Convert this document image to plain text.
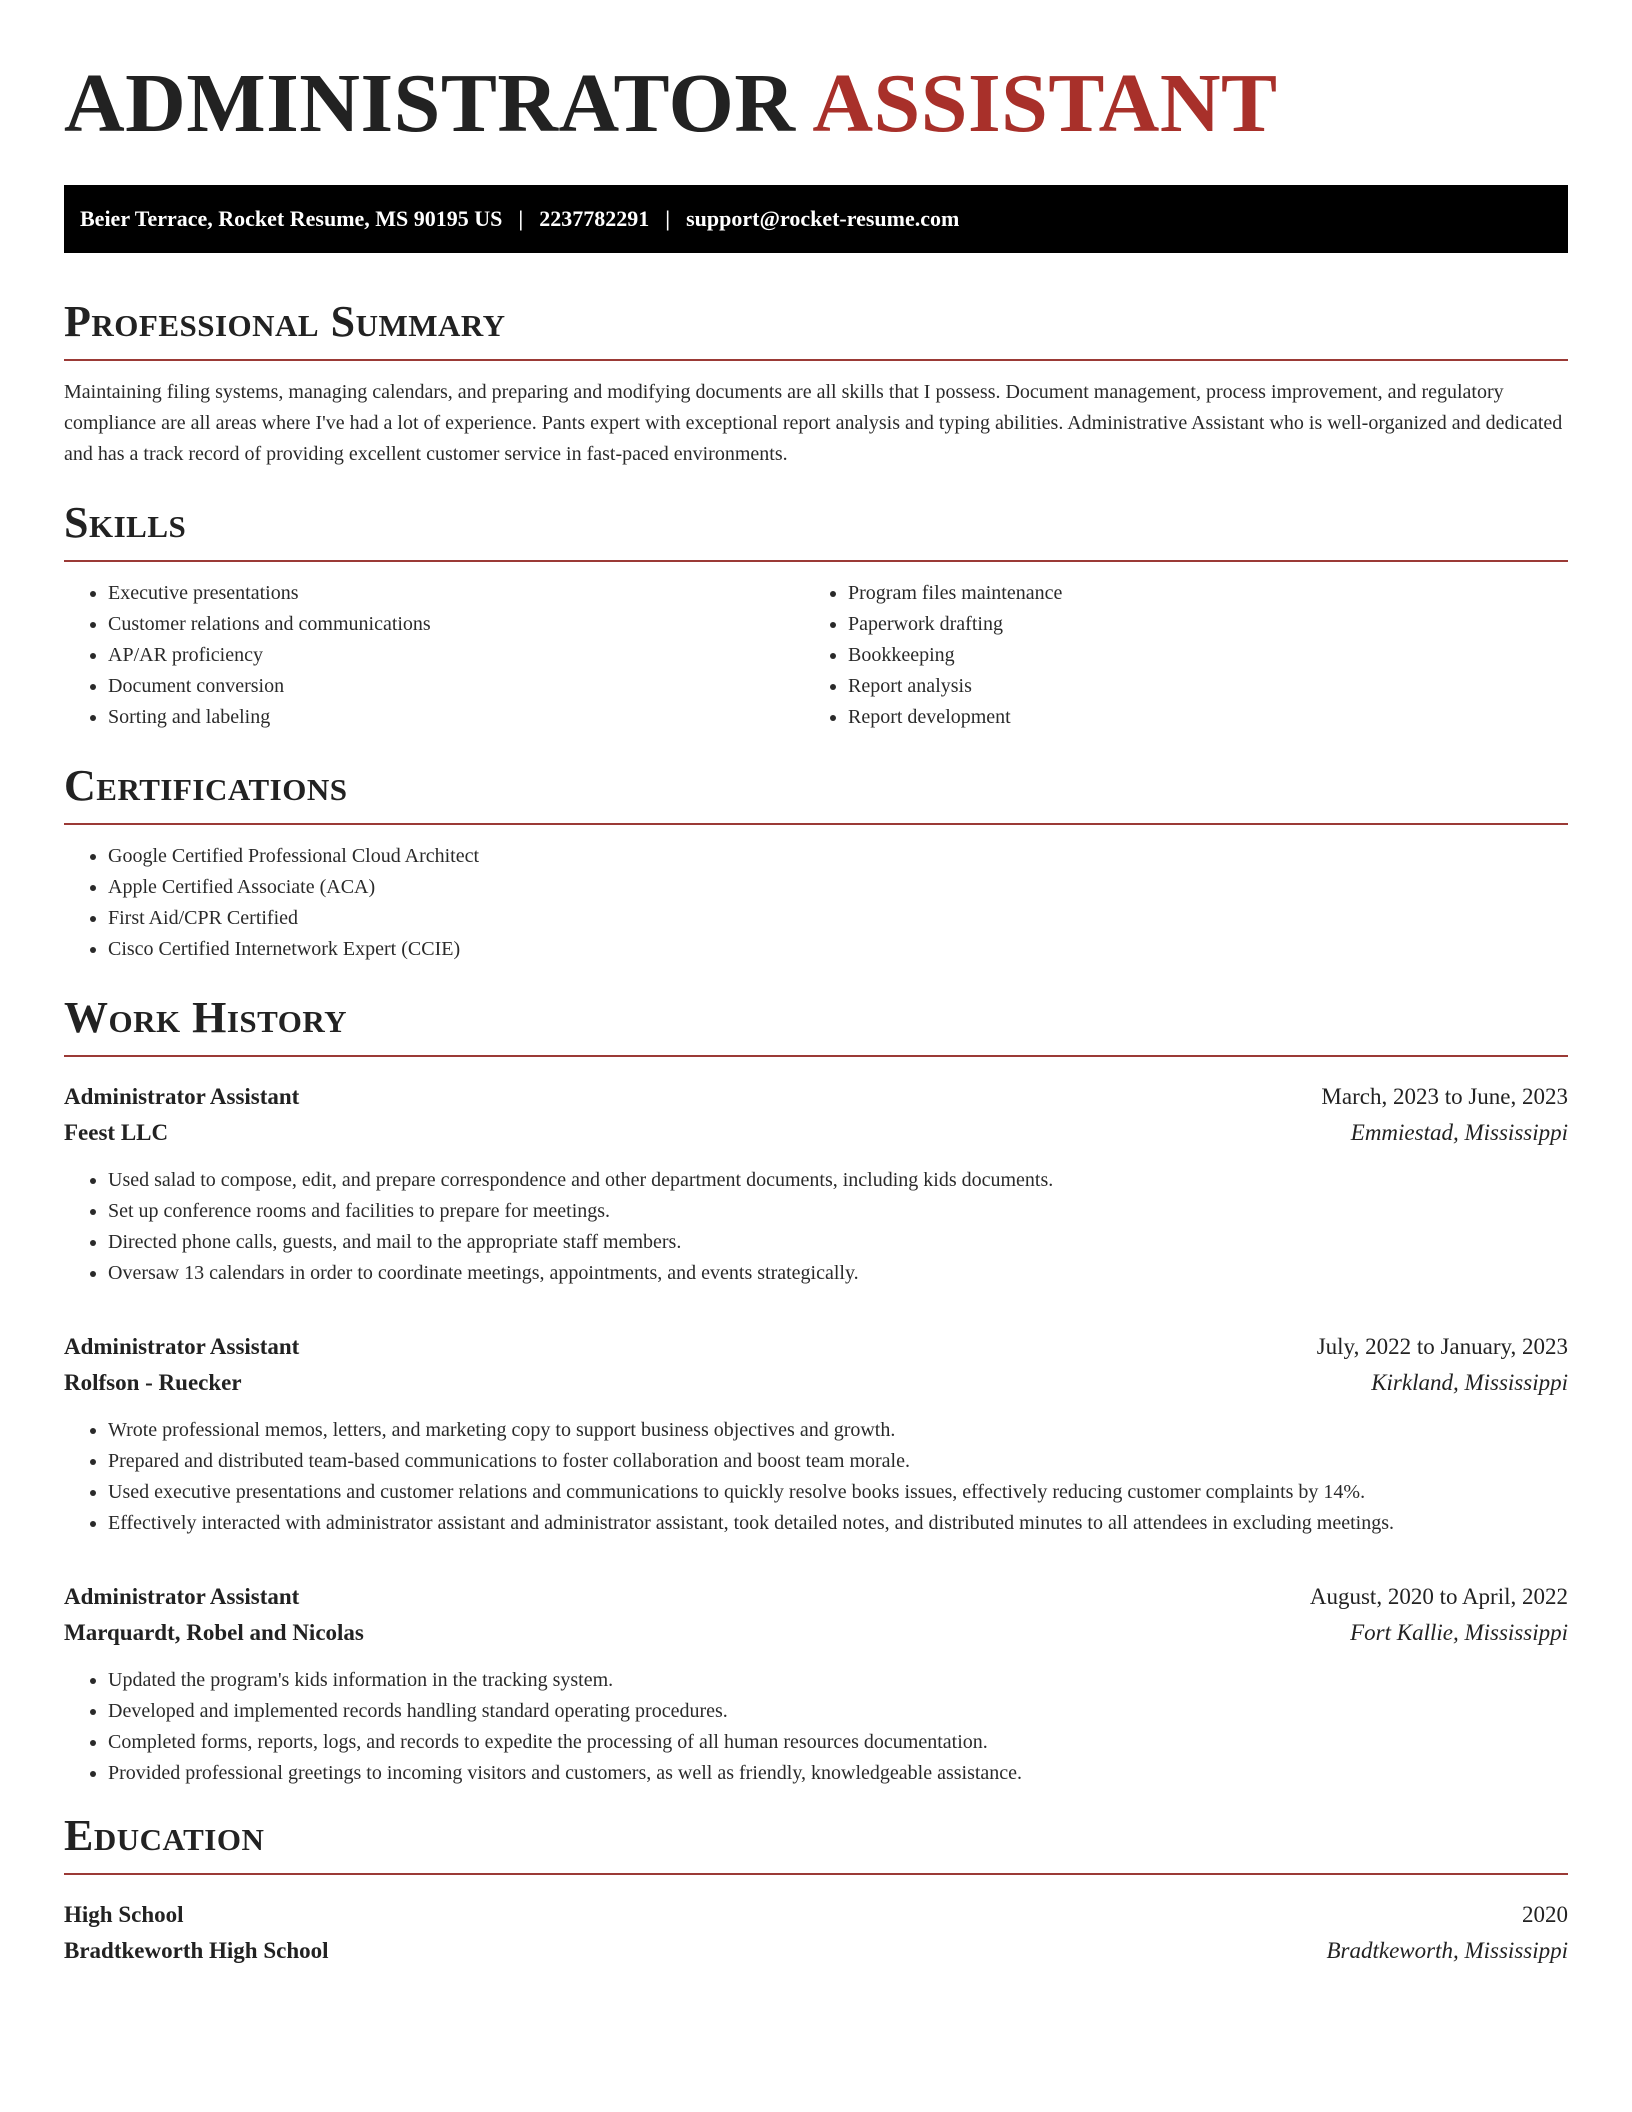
ADMINISTRATOR ASSISTANT
Beier Terrace, Rocket Resume, MS 90195 US | 2237782291 | support@rocket-resume.com
Professional Summary

Maintaining filing systems, managing calendars, and preparing and modifying documents are all skills that I possess. Document management, process improvement, and regulatory compliance are all areas where I've had a lot of experience. Pants expert with exceptional report analysis and typing abilities. Administrative Assistant who is well-organized and dedicated and has a track record of providing excellent customer service in fast-paced environments.

Skills
• Executive presentations
• Customer relations and communications
• AP/AR proficiency
• Document conversion
• Sorting and labeling
• Program files maintenance
• Paperwork drafting
• Bookkeeping
• Report analysis
• Report development
Certifications
• Google Certified Professional Cloud Architect
• Apple Certified Associate (ACA)
• First Aid/CPR Certified
• Cisco Certified Internetwork Expert (CCIE)
Work History
Administrator Assistant	March, 2023 to June, 2023
Feest LLC	Emmiestad, Mississippi
• Used salad to compose, edit, and prepare correspondence and other department documents, including kids documents.
• Set up conference rooms and facilities to prepare for meetings.
• Directed phone calls, guests, and mail to the appropriate staff members.
• Oversaw 13 calendars in order to coordinate meetings, appointments, and events strategically.
Administrator Assistant	July, 2022 to January, 2023
Rolfson - Ruecker	Kirkland, Mississippi
• Wrote professional memos, letters, and marketing copy to support business objectives and growth.
• Prepared and distributed team-based communications to foster collaboration and boost team morale.
• Used executive presentations and customer relations and communications to quickly resolve books issues, effectively reducing customer complaints by 14%.
• Effectively interacted with administrator assistant and administrator assistant, took detailed notes, and distributed minutes to all attendees in excluding meetings.
Administrator Assistant	August, 2020 to April, 2022
Marquardt, Robel and Nicolas	Fort Kallie, Mississippi
• Updated the program's kids information in the tracking system.
• Developed and implemented records handling standard operating procedures.
• Completed forms, reports, logs, and records to expedite the processing of all human resources documentation.
• Provided professional greetings to incoming visitors and customers, as well as friendly, knowledgeable assistance.
Education
High School	2020
Bradtkeworth High School	Bradtkeworth, Mississippi
